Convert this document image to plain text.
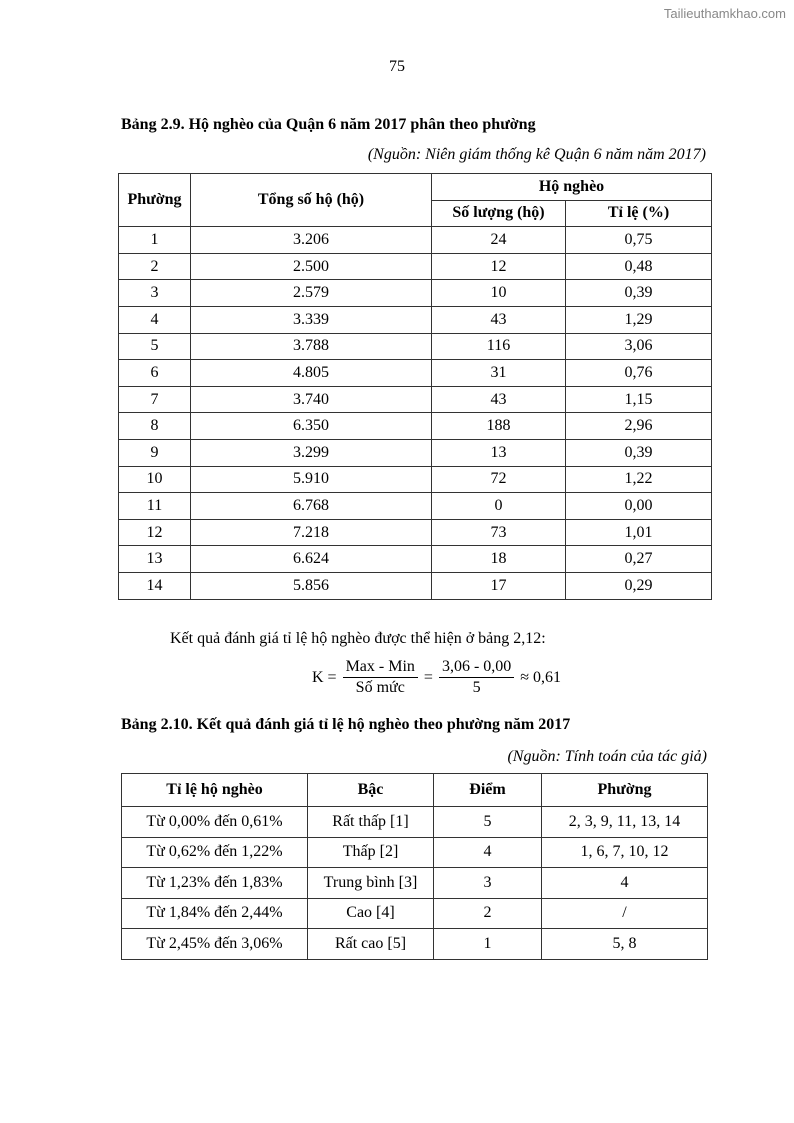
Tailieuthamkhao.com
75
Bảng 2.9. Hộ nghèo của Quận 6 năm 2017 phân theo phường
(Nguồn: Niên giám thống kê Quận 6 năm năm 2017)
Phường	Tổng số hộ (hộ)	Hộ nghèo	
		Số lượng (hộ)	Tỉ lệ (%)
1	3.206	24	0,75
2	2.500	12	0,48
3	2.579	10	0,39
4	3.339	43	1,29
5	3.788	116	3,06
6	4.805	31	0,76
7	3.740	43	1,15
8	6.350	188	2,96
9	3.299	13	0,39
10	5.910	72	1,22
11	6.768	0	0,00
12	7.218	73	1,01
13	6.624	18	0,27
14	5.856	17	0,29
Kết quả đánh giá tỉ lệ hộ nghèo được thể hiện ở bảng 2,12:
$K = \frac{\text{Max - Min}}{\text{Số mức}} = \frac{3,06 - 0,00}{5} \approx 0,61$
Bảng 2.10. Kết quả đánh giá tỉ lệ hộ nghèo theo phường năm 2017
(Nguồn: Tính toán của tác giả)
Tỉ lệ hộ nghèo	Bậc	Điểm	Phường
Từ 0,00% đến 0,61%	Rất thấp [1]	5	2, 3, 9, 11, 13, 14
Từ 0,62% đến 1,22%	Thấp [2]	4	1, 6, 7, 10, 12
Từ 1,23% đến 1,83%	Trung bình [3]	3	4
Từ 1,84% đến 2,44%	Cao [4]	2	/
Từ 2,45% đến 3,06%	Rất cao [5]	1	5, 8
